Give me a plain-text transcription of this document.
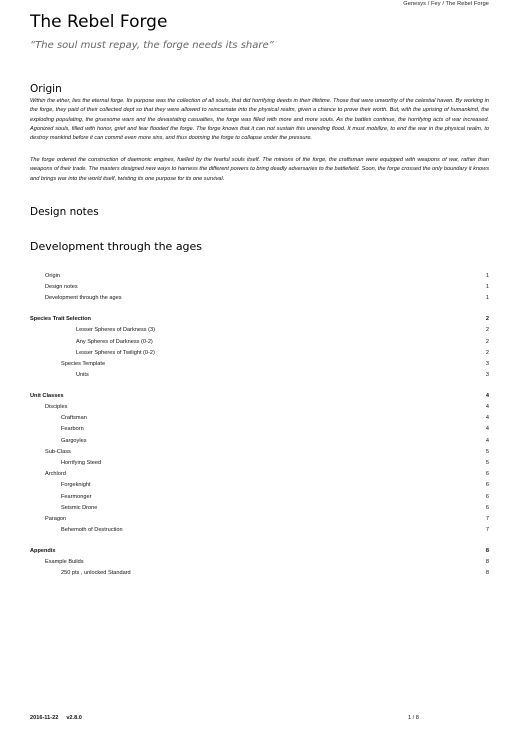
Genesys / Fey / The Rebel Forge
The Rebel Forge

“The soul must repay, the forge needs its share”

Origin

Within the ether, lies the eternal forge. Its purpose was the collection of all souls, that did horrifying deeds in their lifetime. Those that were unworthy of the celestial haven. By working in the forge, they paid of their collected dept so that they were allowed to reincarnate into the physical realm, given a chance to prove their worth. But, with the uprising of humankind, the exploding populating, the gruesome wars and the devastating casualties, the forge was filled with more and more souls. As the battles continue, the horrifying acts of war increased. Agonized souls, filled with honor, grief and fear flooded the forge. The forge knows that it can not sustain this unending flood. It must mobilize, to end the war in the physical realm, to destroy mankind before it can commit even more sins, and thus dooming the forge to collapse under the pressure.

The forge ordered the construction of daemonic engines, fuelled by the fearful souls itself. The minions of the forge, the craftsman were equipped with weapons of war, rather than weapons of their trade. The masters designed new ways to harness the different powers to bring deadly adversaries to the battlefield. Soon, the forge crossed the only boundary it knows and brings war into the world itself, twisting its one purpose for its one survival.

Design notes
Development through the ages
Origin	1
Design notes	1
Development through the ages	1
Species Trait Selection	2
Lesser Spheres of Darkness (3)	2
Any Spheres of Darkness (0-2)	2
Lesser Spheres of Twilight (0-2)	2
Species Template	3
Units	3
Unit Classes	4
Disciples	4
Craftsman	4
Fearborn	4
Gargoyles	4
Sub-Class	5
Horrifying Steed	5
Archlord	6
Forgeknight	6
Fearmonger	6
Seismic Drone	6
Paragon	7
Behemoth of Destruction	7
Appendix	8
Example Builds	8
250 pts , unlocked Standard	8
2016-11-22 v2.8.0	1 / 8
